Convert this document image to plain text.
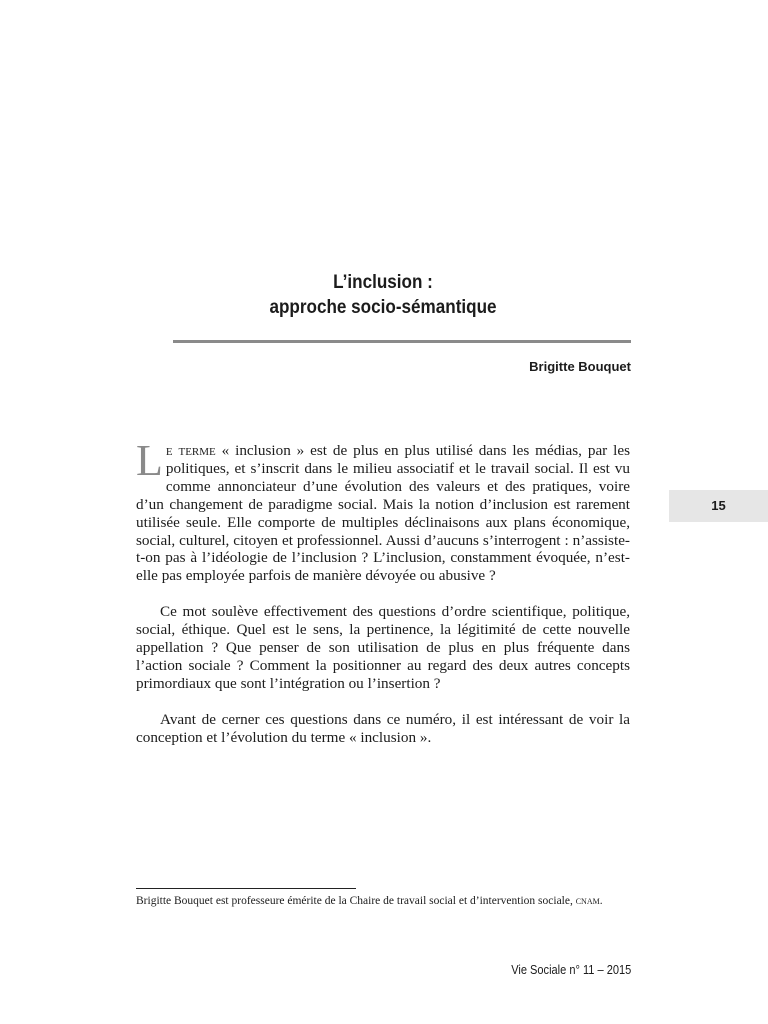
L’inclusion :
approche socio-sémantique
Brigitte Bouquet
15

Le terme « inclusion » est de plus en plus utilisé dans les médias, par les politiques, et s’inscrit dans le milieu associatif et le travail social. Il est vu comme annonciateur d’une évolution des valeurs et des pratiques, voire d’un changement de paradigme social. Mais la notion d’inclusion est rarement utilisée seule. Elle comporte de multiples déclinaisons aux plans économique, social, culturel, citoyen et professionnel. Aussi d’aucuns s’interrogent : n’assiste-t-on pas à l’idéologie de l’inclusion ? L’inclusion, constamment évoquée, n’est-elle pas employée parfois de manière dévoyée ou abusive ?

Ce mot soulève effectivement des questions d’ordre scientifique, politique, social, éthique. Quel est le sens, la pertinence, la légitimité de cette nouvelle appellation ? Que penser de son utilisation de plus en plus fréquente dans l’action sociale ? Comment la positionner au regard des deux autres concepts primordiaux que sont l’intégration ou l’insertion ?

Avant de cerner ces questions dans ce numéro, il est intéressant de voir la conception et l’évolution du terme « inclusion ».

Brigitte Bouquet est professeure émérite de la Chaire de travail social et d’intervention sociale, cnam.
Vie Sociale n° 11 – 2015
